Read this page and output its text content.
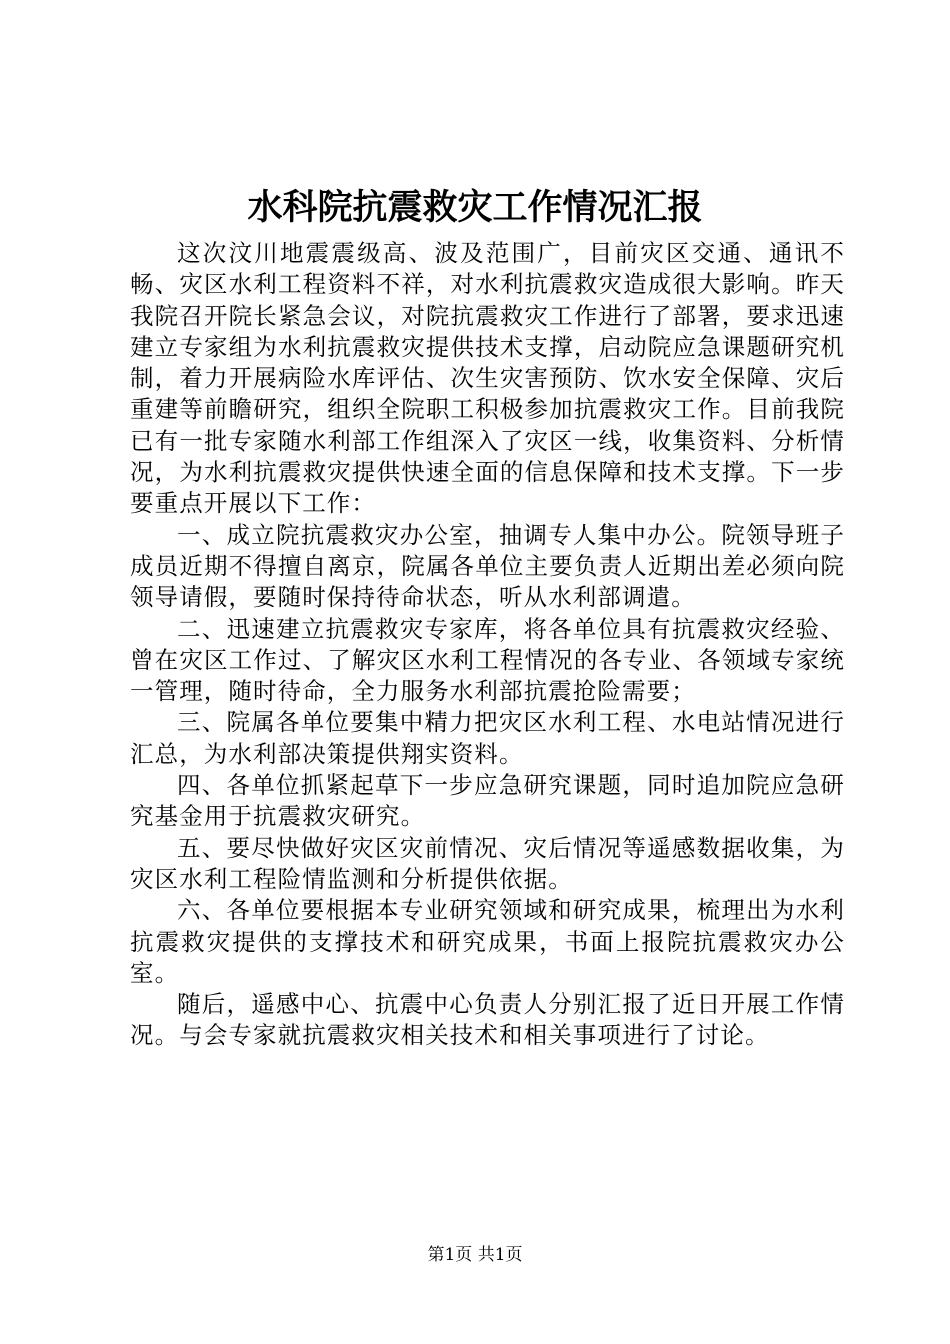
水科院抗震救灾工作情况汇报

这次汶川地震震级高、波及范围广，目前灾区交通、通讯不畅、灾区水利工程资料不祥，对水利抗震救灾造成很大影响。昨天我院召开院长紧急会议，对院抗震救灾工作进行了部署，要求迅速建立专家组为水利抗震救灾提供技术支撑，启动院应急课题研究机制，着力开展病险水库评估、次生灾害预防、饮水安全保障、灾后重建等前瞻研究，组织全院职工积极参加抗震救灾工作。目前我院已有一批专家随水利部工作组深入了灾区一线，收集资料、分析情况，为水利抗震救灾提供快速全面的信息保障和技术支撑。下一步要重点开展以下工作：

一、成立院抗震救灾办公室，抽调专人集中办公。院领导班子成员近期不得擅自离京，院属各单位主要负责人近期出差必须向院领导请假，要随时保持待命状态，听从水利部调遣。

二、迅速建立抗震救灾专家库，将各单位具有抗震救灾经验、曾在灾区工作过、了解灾区水利工程情况的各专业、各领域专家统一管理，随时待命，全力服务水利部抗震抢险需要；

三、院属各单位要集中精力把灾区水利工程、水电站情况进行汇总，为水利部决策提供翔实资料。

四、各单位抓紧起草下一步应急研究课题，同时追加院应急研究基金用于抗震救灾研究。

五、要尽快做好灾区灾前情况、灾后情况等遥感数据收集，为灾区水利工程险情监测和分析提供依据。

六、各单位要根据本专业研究领域和研究成果，梳理出为水利抗震救灾提供的支撑技术和研究成果，书面上报院抗震救灾办公室。

随后，遥感中心、抗震中心负责人分别汇报了近日开展工作情况。与会专家就抗震救灾相关技术和相关事项进行了讨论。

第1页 共1页
